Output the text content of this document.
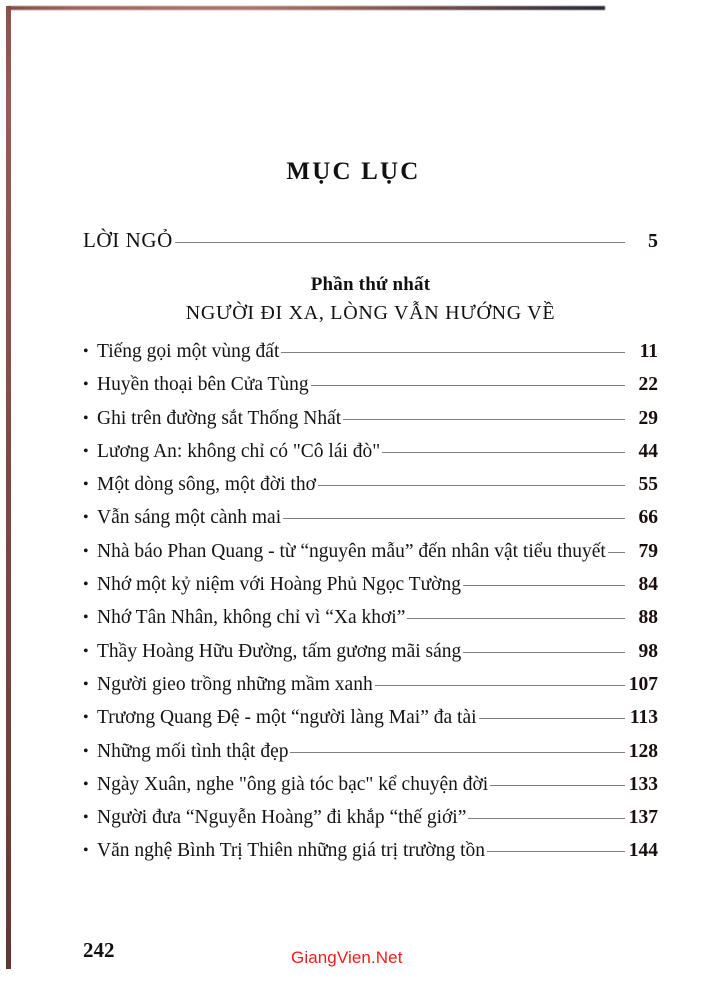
MỤC LỤC
LỜI NGỎ	5
Phần thứ nhất
NGƯỜI ĐI XA, LÒNG VẪN HƯỚNG VỀ
• Tiếng gọi một vùng đất	11
• Huyền thoại bên Cửa Tùng	22
• Ghi trên đường sắt Thống Nhất	29
• Lương An: không chỉ có "Cô lái đò"	44
• Một dòng sông, một đời thơ	55
• Vẫn sáng một cành mai	66
• Nhà báo Phan Quang - từ “nguyên mẫu” đến nhân vật tiểu thuyết	79
• Nhớ một kỷ niệm với Hoàng Phủ Ngọc Tường	84
• Nhớ Tân Nhân, không chỉ vì “Xa khơi”	88
• Thầy Hoàng Hữu Đường, tấm gương mãi sáng	98
• Người gieo trồng những mầm xanh	107
• Trương Quang Đệ - một “người làng Mai” đa tài	113
• Những mối tình thật đẹp	128
• Ngày Xuân, nghe "ông già tóc bạc" kể chuyện đời	133
• Người đưa “Nguyễn Hoàng” đi khắp “thế giới”	137
• Văn nghệ Bình Trị Thiên những giá trị trường tồn	144
242	GiangVien.Net
